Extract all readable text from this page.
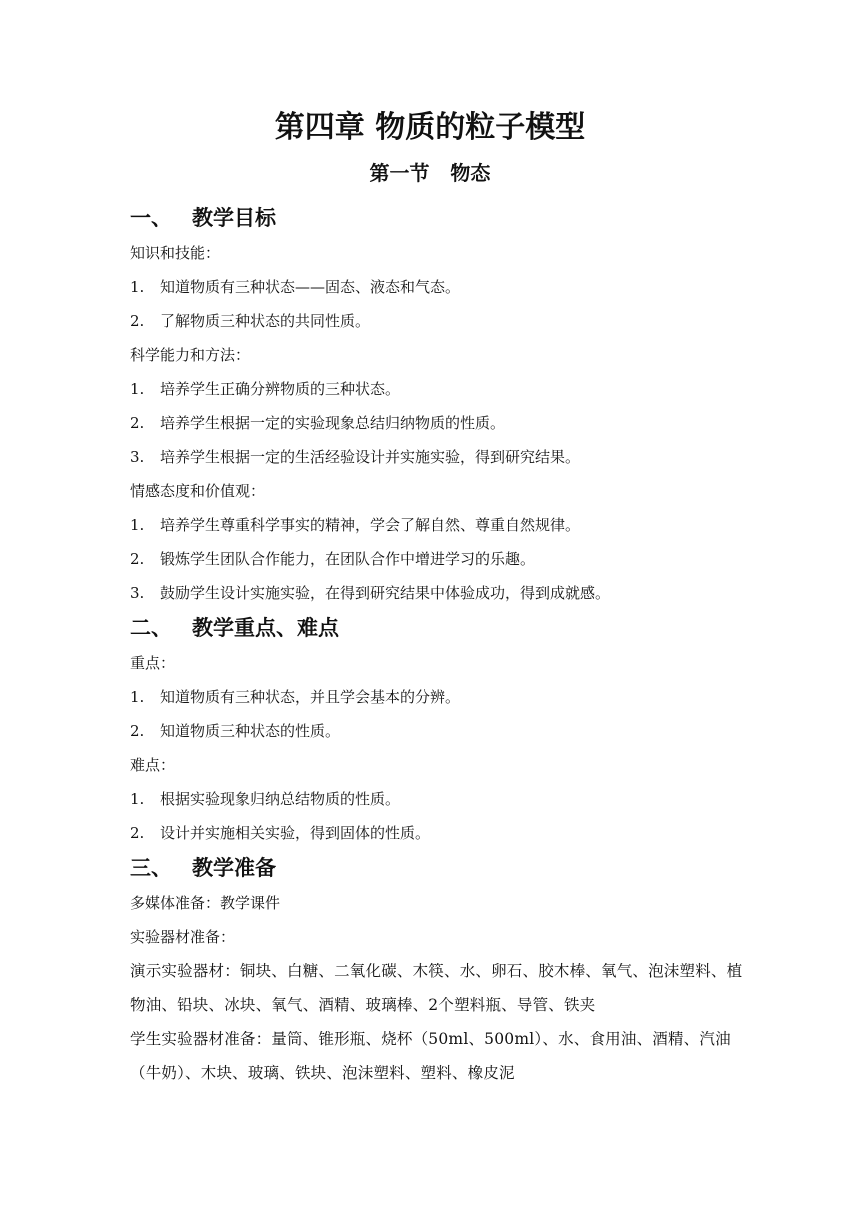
第四章 物质的粒子模型
第一节   物态
一、 教学目标

知识和技能：

1.	知道物质有三种状态——固态、液态和气态。
2.	了解物质三种状态的共同性质。

科学能力和方法：

1.	培养学生正确分辨物质的三种状态。
2.	培养学生根据一定的实验现象总结归纳物质的性质。
3.	培养学生根据一定的生活经验设计并实施实验，得到研究结果。

情感态度和价值观：

1.	培养学生尊重科学事实的精神，学会了解自然、尊重自然规律。
2.	锻炼学生团队合作能力，在团队合作中增进学习的乐趣。
3.	鼓励学生设计实施实验，在得到研究结果中体验成功，得到成就感。
二、 教学重点、难点

重点：

1.	知道物质有三种状态，并且学会基本的分辨。
2.	知道物质三种状态的性质。

难点：

1.	根据实验现象归纳总结物质的性质。
2.	设计并实施相关实验，得到固体的性质。
三、 教学准备

多媒体准备：教学课件

实验器材准备：

演示实验器材：铜块、白糖、二氧化碳、木筷、水、卵石、胶木棒、氧气、泡沫塑料、植物油、铅块、冰块、氧气、酒精、玻璃棒、2个塑料瓶、导管、铁夹

学生实验器材准备：量筒、锥形瓶、烧杯（50ml、500ml）、水、食用油、酒精、汽油（牛奶）、木块、玻璃、铁块、泡沫塑料、塑料、橡皮泥
